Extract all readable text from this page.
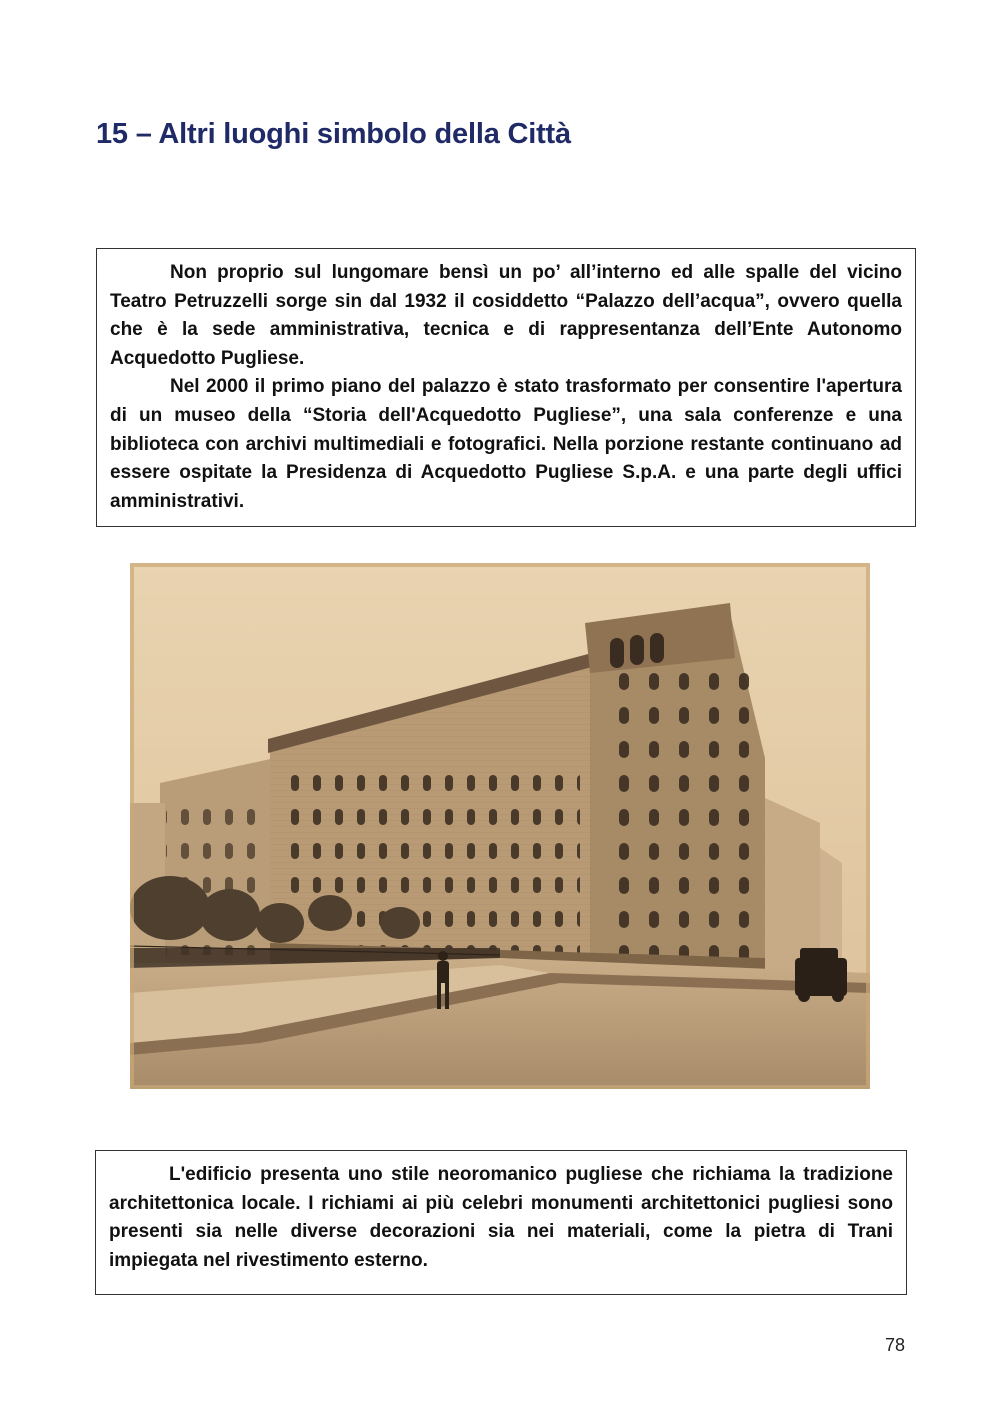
15 – Altri luoghi simbolo della Città

Non proprio sul lungomare bensì un po’ all’interno ed alle spalle del vicino Teatro Petruzzelli sorge sin dal 1932 il cosiddetto “Palazzo dell’acqua”, ovvero quella che è la sede amministrativa, tecnica e di rappresentanza dell’Ente Autonomo Acquedotto Pugliese.

Nel 2000 il primo piano del palazzo è stato trasformato per consentire l'apertura di un museo della “Storia dell'Acquedotto Pugliese”, una sala conferenze e una biblioteca con archivi multimediali e fotografici. Nella porzione restante continuano ad essere ospitate la Presidenza di Acquedotto Pugliese S.p.A. e una parte degli uffici amministrativi.

L'edificio presenta uno stile neoromanico pugliese che richiama la tradizione architettonica locale. I richiami ai più celebri monumenti architettonici pugliesi sono presenti sia nelle diverse decorazioni sia nei materiali, come la pietra di Trani impiegata nel rivestimento esterno.

78
